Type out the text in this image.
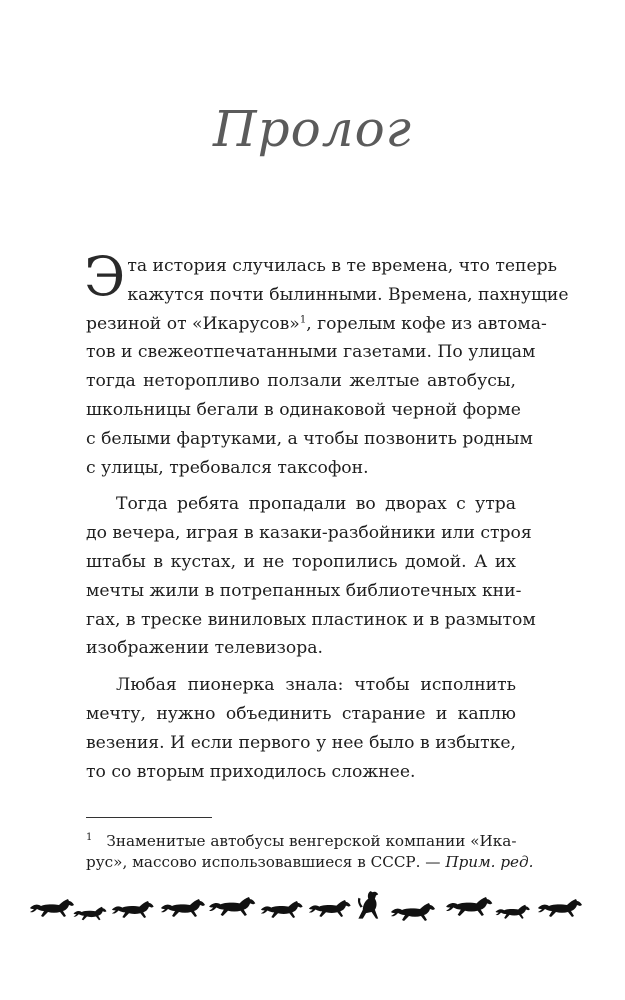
Пролог
Э та история случилась в те времена, что теперь
кажутся почти былинными. Времена, пахнущие
резиной от «Икарусов»$^1$, горелым кофе из автома-
тов и свежеотпечатанными газетами. По улицам
тогда неторопливо ползали желтые автобусы,
школьницы бегали в одинаковой черной форме
с белыми фартуками, а чтобы позвонить родным
с улицы, требовался таксофон.
Тогда ребята пропадали во дворах с утра
до вечера, играя в казаки-разбойники или строя
штабы в кустах, и не торопились домой. А их
мечты жили в потрепанных библиотечных кни-
гах, в треске виниловых пластинок и в размытом
изображении телевизора.
Любая пионерка знала: чтобы исполнить
мечту, нужно объединить старание и каплю
везения. И если первого у нее было в избытке,
то со вторым приходилось сложнее.
$^1$ Знаменитые автобусы венгерской компании «Ика-
рус», массово использовавшиеся в СССР. — Прим. ред.
